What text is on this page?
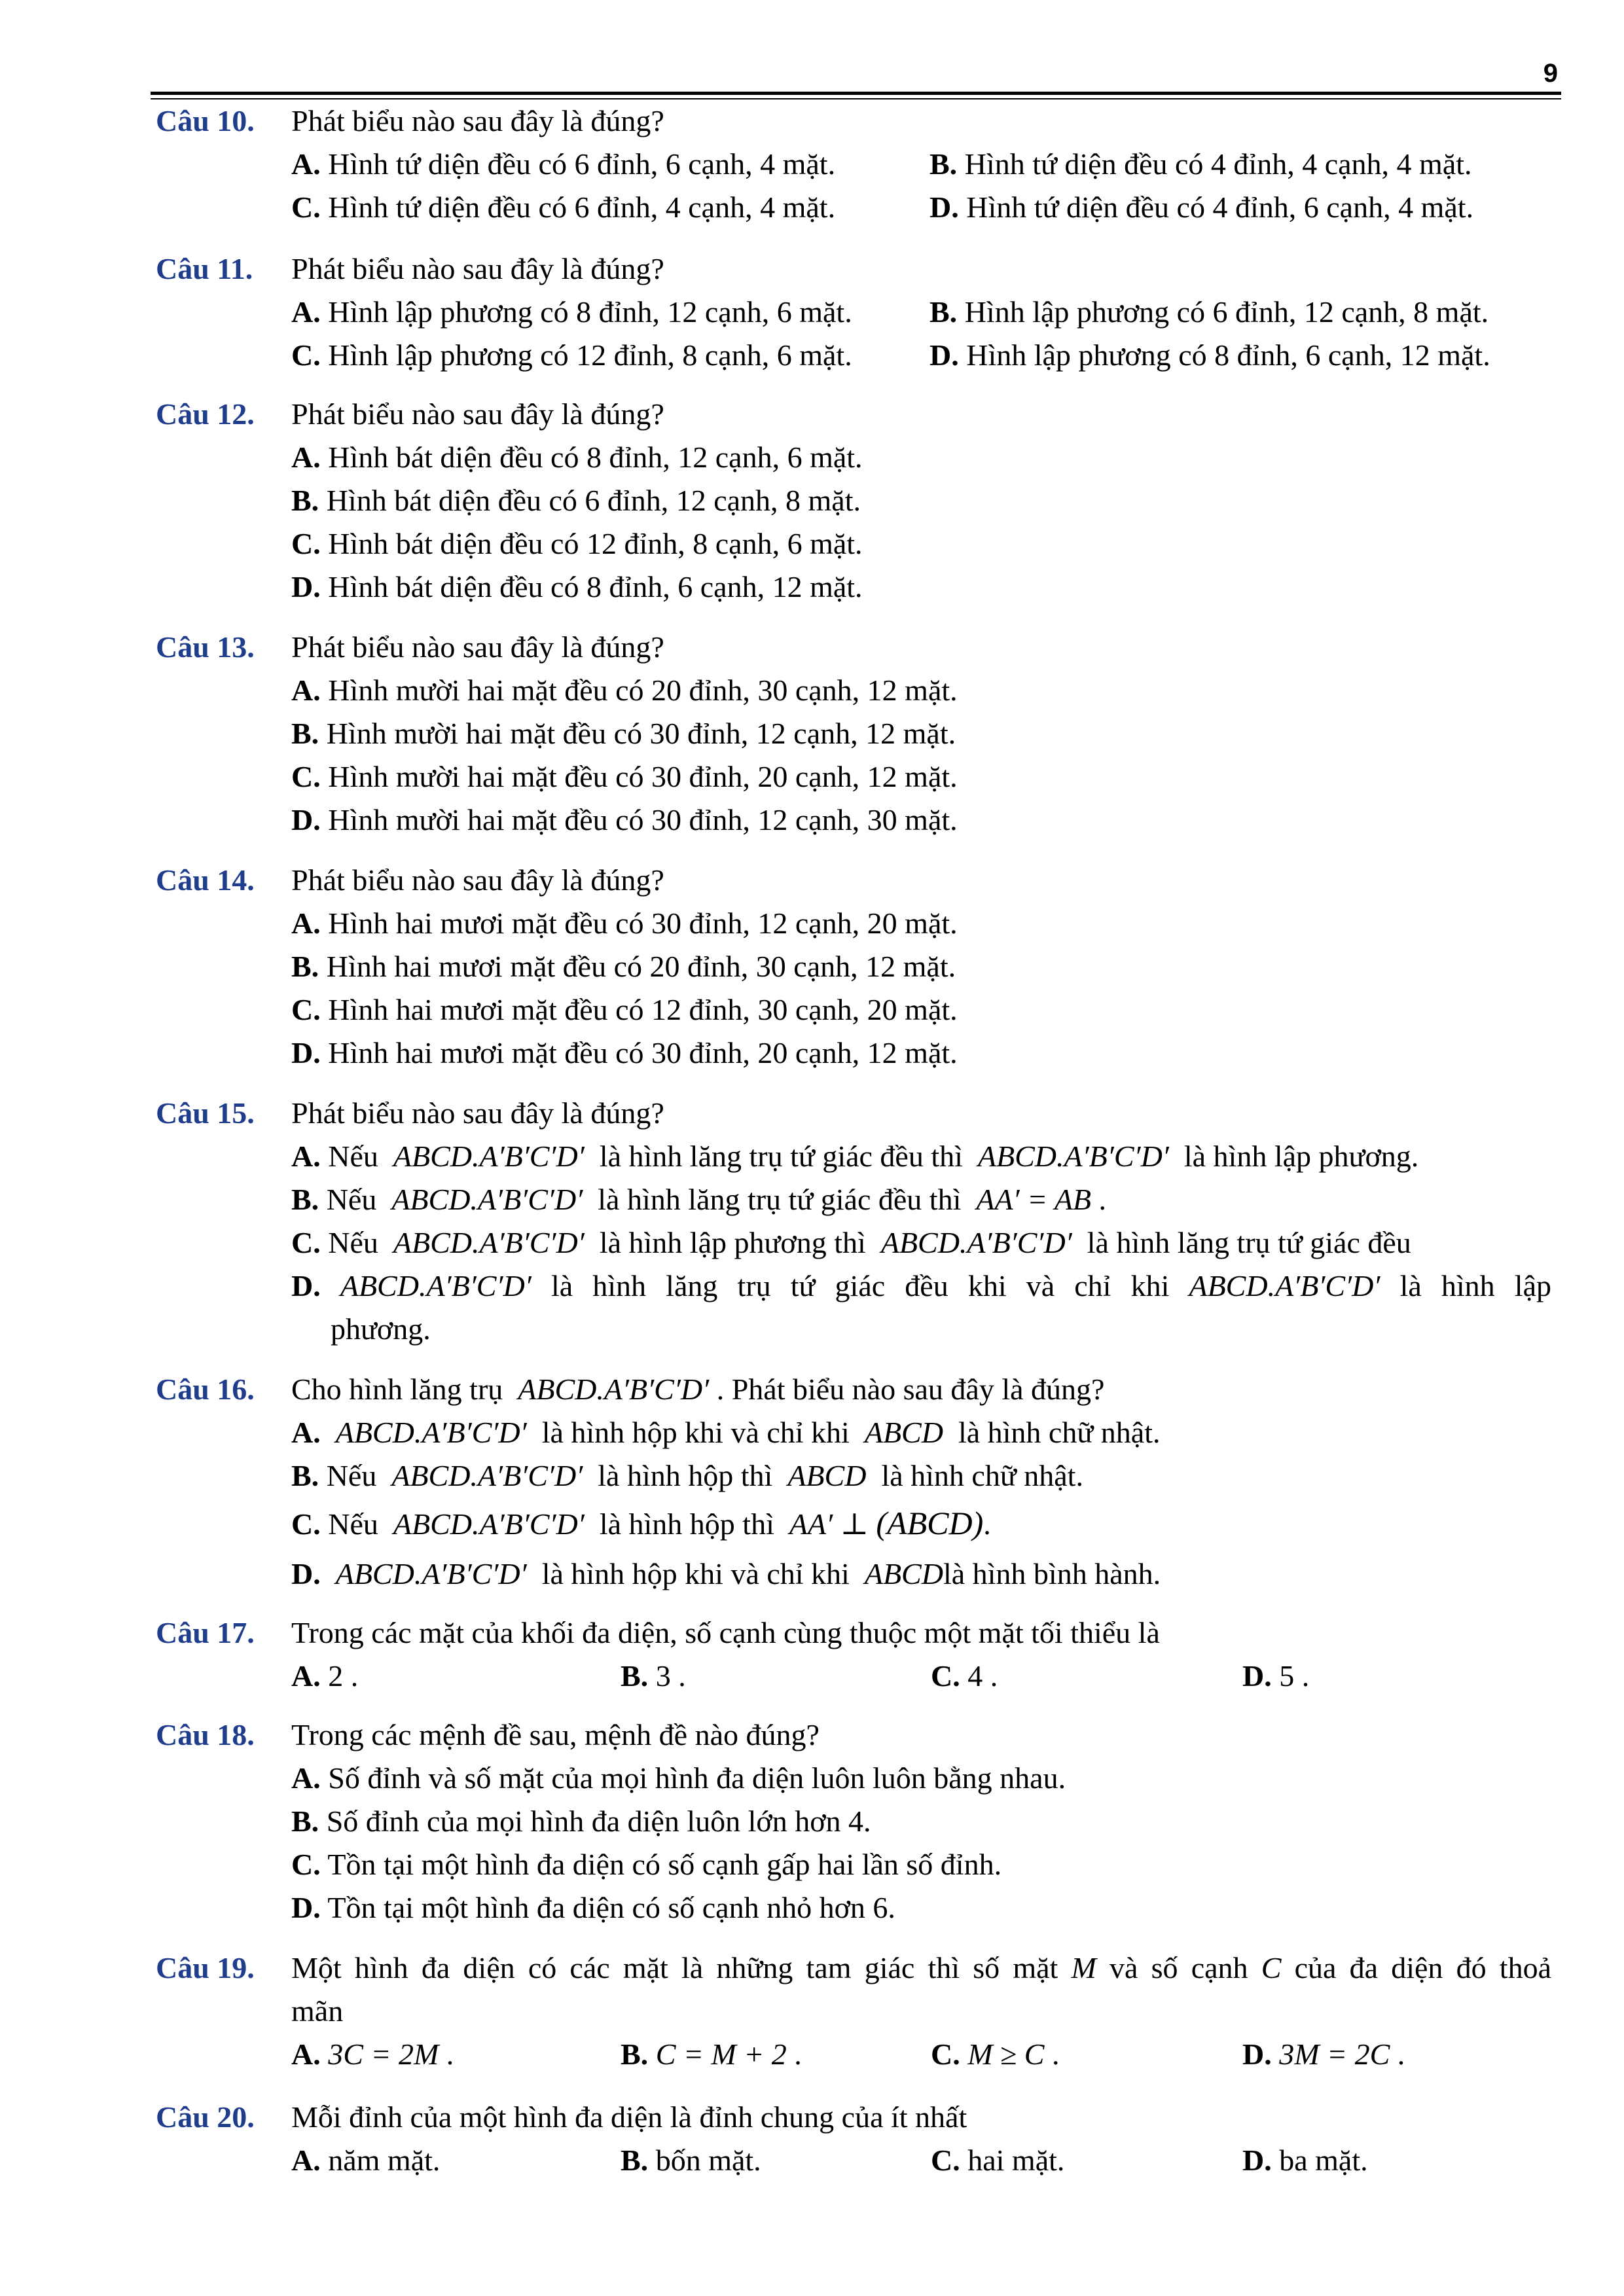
9
Câu 10. Phát biểu nào sau đây là đúng?
A. Hình tứ diện đều có 6 đỉnh, 6 cạnh, 4 mặt.	B. Hình tứ diện đều có 4 đỉnh, 4 cạnh, 4 mặt.
C. Hình tứ diện đều có 6 đỉnh, 4 cạnh, 4 mặt.	D. Hình tứ diện đều có 4 đỉnh, 6 cạnh, 4 mặt.
Câu 11. Phát biểu nào sau đây là đúng?
A. Hình lập phương có 8 đỉnh, 12 cạnh, 6 mặt.	B. Hình lập phương có 6 đỉnh, 12 cạnh, 8 mặt.
C. Hình lập phương có 12 đỉnh, 8 cạnh, 6 mặt.	D. Hình lập phương có 8 đỉnh, 6 cạnh, 12 mặt.
Câu 12. Phát biểu nào sau đây là đúng?
A. Hình bát diện đều có 8 đỉnh, 12 cạnh, 6 mặt.
B. Hình bát diện đều có 6 đỉnh, 12 cạnh, 8 mặt.
C. Hình bát diện đều có 12 đỉnh, 8 cạnh, 6 mặt.
D. Hình bát diện đều có 8 đỉnh, 6 cạnh, 12 mặt.
Câu 13. Phát biểu nào sau đây là đúng?
A. Hình mười hai mặt đều có 20 đỉnh, 30 cạnh, 12 mặt.
B. Hình mười hai mặt đều có 30 đỉnh, 12 cạnh, 12 mặt.
C. Hình mười hai mặt đều có 30 đỉnh, 20 cạnh, 12 mặt.
D. Hình mười hai mặt đều có 30 đỉnh, 12 cạnh, 30 mặt.
Câu 14. Phát biểu nào sau đây là đúng?
A. Hình hai mươi mặt đều có 30 đỉnh, 12 cạnh, 20 mặt.
B. Hình hai mươi mặt đều có 20 đỉnh, 30 cạnh, 12 mặt.
C. Hình hai mươi mặt đều có 12 đỉnh, 30 cạnh, 20 mặt.
D. Hình hai mươi mặt đều có 30 đỉnh, 20 cạnh, 12 mặt.
Câu 15. Phát biểu nào sau đây là đúng?
A. Nếu ABCD.A′B′C′D′ là hình lăng trụ tứ giác đều thì ABCD.A′B′C′D′ là hình lập phương.
B. Nếu ABCD.A′B′C′D′ là hình lăng trụ tứ giác đều thì AA′ = AB .
C. Nếu ABCD.A′B′C′D′ là hình lập phương thì ABCD.A′B′C′D′ là hình lăng trụ tứ giác đều
D. ABCD.A′B′C′D′ là hình lăng trụ tứ giác đều khi và chỉ khi ABCD.A′B′C′D′ là hình lập
phương.
Câu 16. Cho hình lăng trụ ABCD.A′B′C′D′ . Phát biểu nào sau đây là đúng?
A. ABCD.A′B′C′D′ là hình hộp khi và chỉ khi ABCD là hình chữ nhật.
B. Nếu ABCD.A′B′C′D′ là hình hộp thì ABCD là hình chữ nhật.
C. Nếu ABCD.A′B′C′D′ là hình hộp thì AA′ ⊥ (ABCD).
D. ABCD.A′B′C′D′ là hình hộp khi và chỉ khi ABCDlà hình bình hành.
Câu 17. Trong các mặt của khối đa diện, số cạnh cùng thuộc một mặt tối thiểu là
A. 2 .	B. 3 .	C. 4 .	D. 5 .
Câu 18. Trong các mệnh đề sau, mệnh đề nào đúng?
A. Số đỉnh và số mặt của mọi hình đa diện luôn luôn bằng nhau.
B. Số đỉnh của mọi hình đa diện luôn lớn hơn 4.
C. Tồn tại một hình đa diện có số cạnh gấp hai lần số đỉnh.
D. Tồn tại một hình đa diện có số cạnh nhỏ hơn 6.
Câu 19. Một hình đa diện có các mặt là những tam giác thì số mặt M và số cạnh C của đa diện đó thoả
mãn
A. 3C = 2M .	B. C = M + 2 .	C. M ≥ C .	D. 3M = 2C .
Câu 20. Mỗi đỉnh của một hình đa diện là đỉnh chung của ít nhất
A. năm mặt.	B. bốn mặt.	C. hai mặt.	D. ba mặt.
